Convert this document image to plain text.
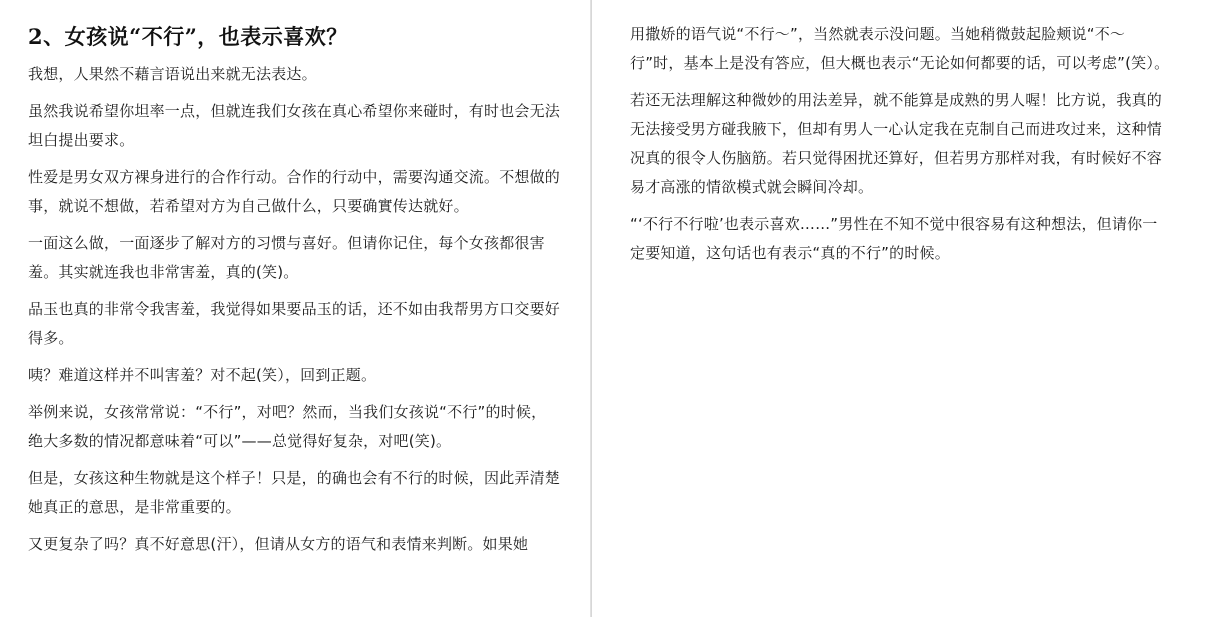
2、女孩说“不行”，也表示喜欢？

我想，人果然不藉言语说出来就无法表达。

虽然我说希望你坦率一点，但就连我们女孩在真心希望你来碰时，有时也会无法坦白提出要求。

性爱是男女双方裸身进行的合作行动。合作的行动中，需要沟通交流。不想做的事，就说不想做，若希望对方为自己做什么，只要确實传达就好。

一面这么做，一面逐步了解对方的习惯与喜好。但请你记住，每个女孩都很害羞。其实就连我也非常害羞，真的(笑)。

品玉也真的非常令我害羞，我觉得如果要品玉的话，还不如由我帮男方口交要好得多。

咦？难道这样并不叫害羞？对不起(笑），回到正题。

举例来说，女孩常常说：“不行”，对吧？然而，当我们女孩说“不行”的时候，绝大多数的情况都意味着“可以”——总觉得好复杂，对吧(笑)。

但是，女孩这种生物就是这个样子！只是，的确也会有不行的时候，因此弄清楚她真正的意思，是非常重要的。

又更复杂了吗？真不好意思(汗），但请从女方的语气和表情来判断。如果她

用撒娇的语气说“不行～”，当然就表示没问题。当她稍微鼓起脸颊说“不～行”时，基本上是没有答应，但大概也表示“无论如何都要的话，可以考虑”(笑）。

若还无法理解这种微妙的用法差异，就不能算是成熟的男人喔！比方说，我真的无法接受男方碰我腋下，但却有男人一心认定我在克制自己而进攻过来，这种情况真的很令人伤脑筋。若只觉得困扰还算好，但若男方那样对我，有时候好不容易才高涨的情欲模式就会瞬间冷却。

“‘不行不行啦’也表示喜欢……”男性在不知不觉中很容易有这种想法，但请你一定要知道，这句话也有表示“真的不行”的时候。
